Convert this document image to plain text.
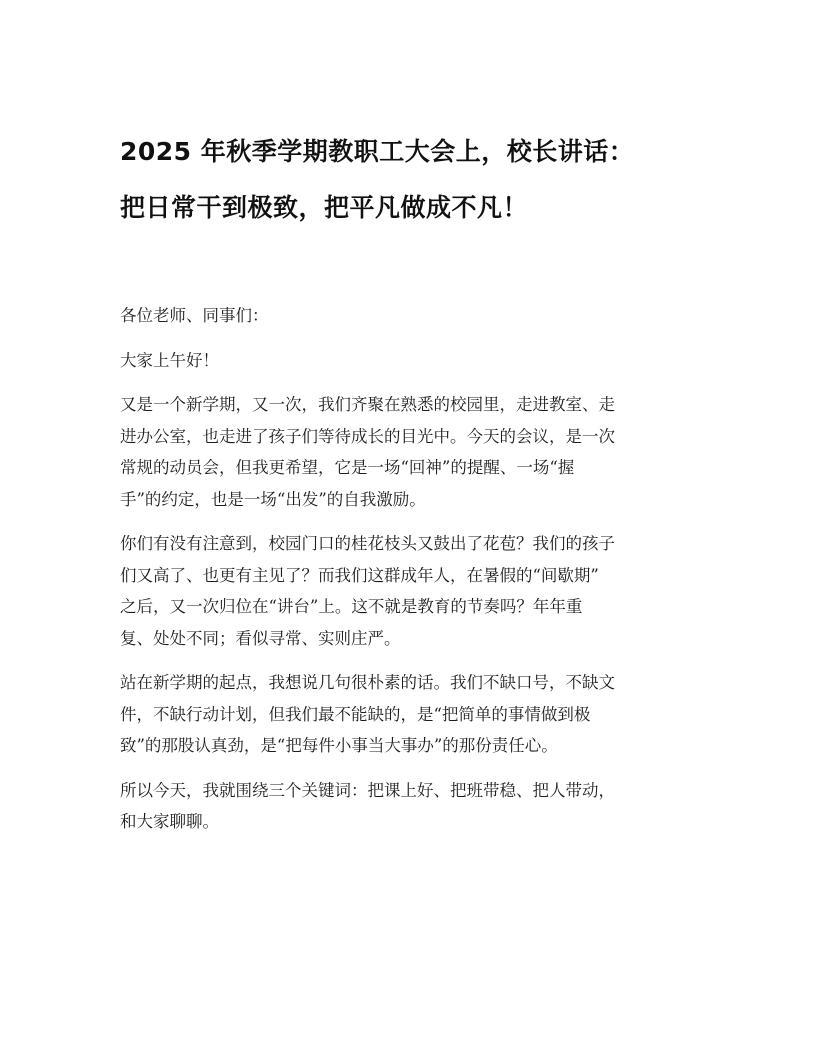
2025 年秋季学期教职工大会上，校长讲话：
把日常干到极致，把平凡做成不凡！

各位老师、同事们：

大家上午好！

又是一个新学期，又一次，我们齐聚在熟悉的校园里，走进教室、走
进办公室，也走进了孩子们等待成长的目光中。今天的会议，是一次
常规的动员会，但我更希望，它是一场“回神”的提醒、一场“握
手”的约定，也是一场“出发”的自我激励。

你们有没有注意到，校园门口的桂花枝头又鼓出了花苞？我们的孩子
们又高了、也更有主见了？而我们这群成年人，在暑假的“间歇期”
之后，又一次归位在“讲台”上。这不就是教育的节奏吗？年年重
复、处处不同；看似寻常、实则庄严。

站在新学期的起点，我想说几句很朴素的话。我们不缺口号，不缺文
件，不缺行动计划，但我们最不能缺的，是“把简单的事情做到极
致”的那股认真劲，是“把每件小事当大事办”的那份责任心。

所以今天，我就围绕三个关键词：把课上好、把班带稳、把人带动，
和大家聊聊。
